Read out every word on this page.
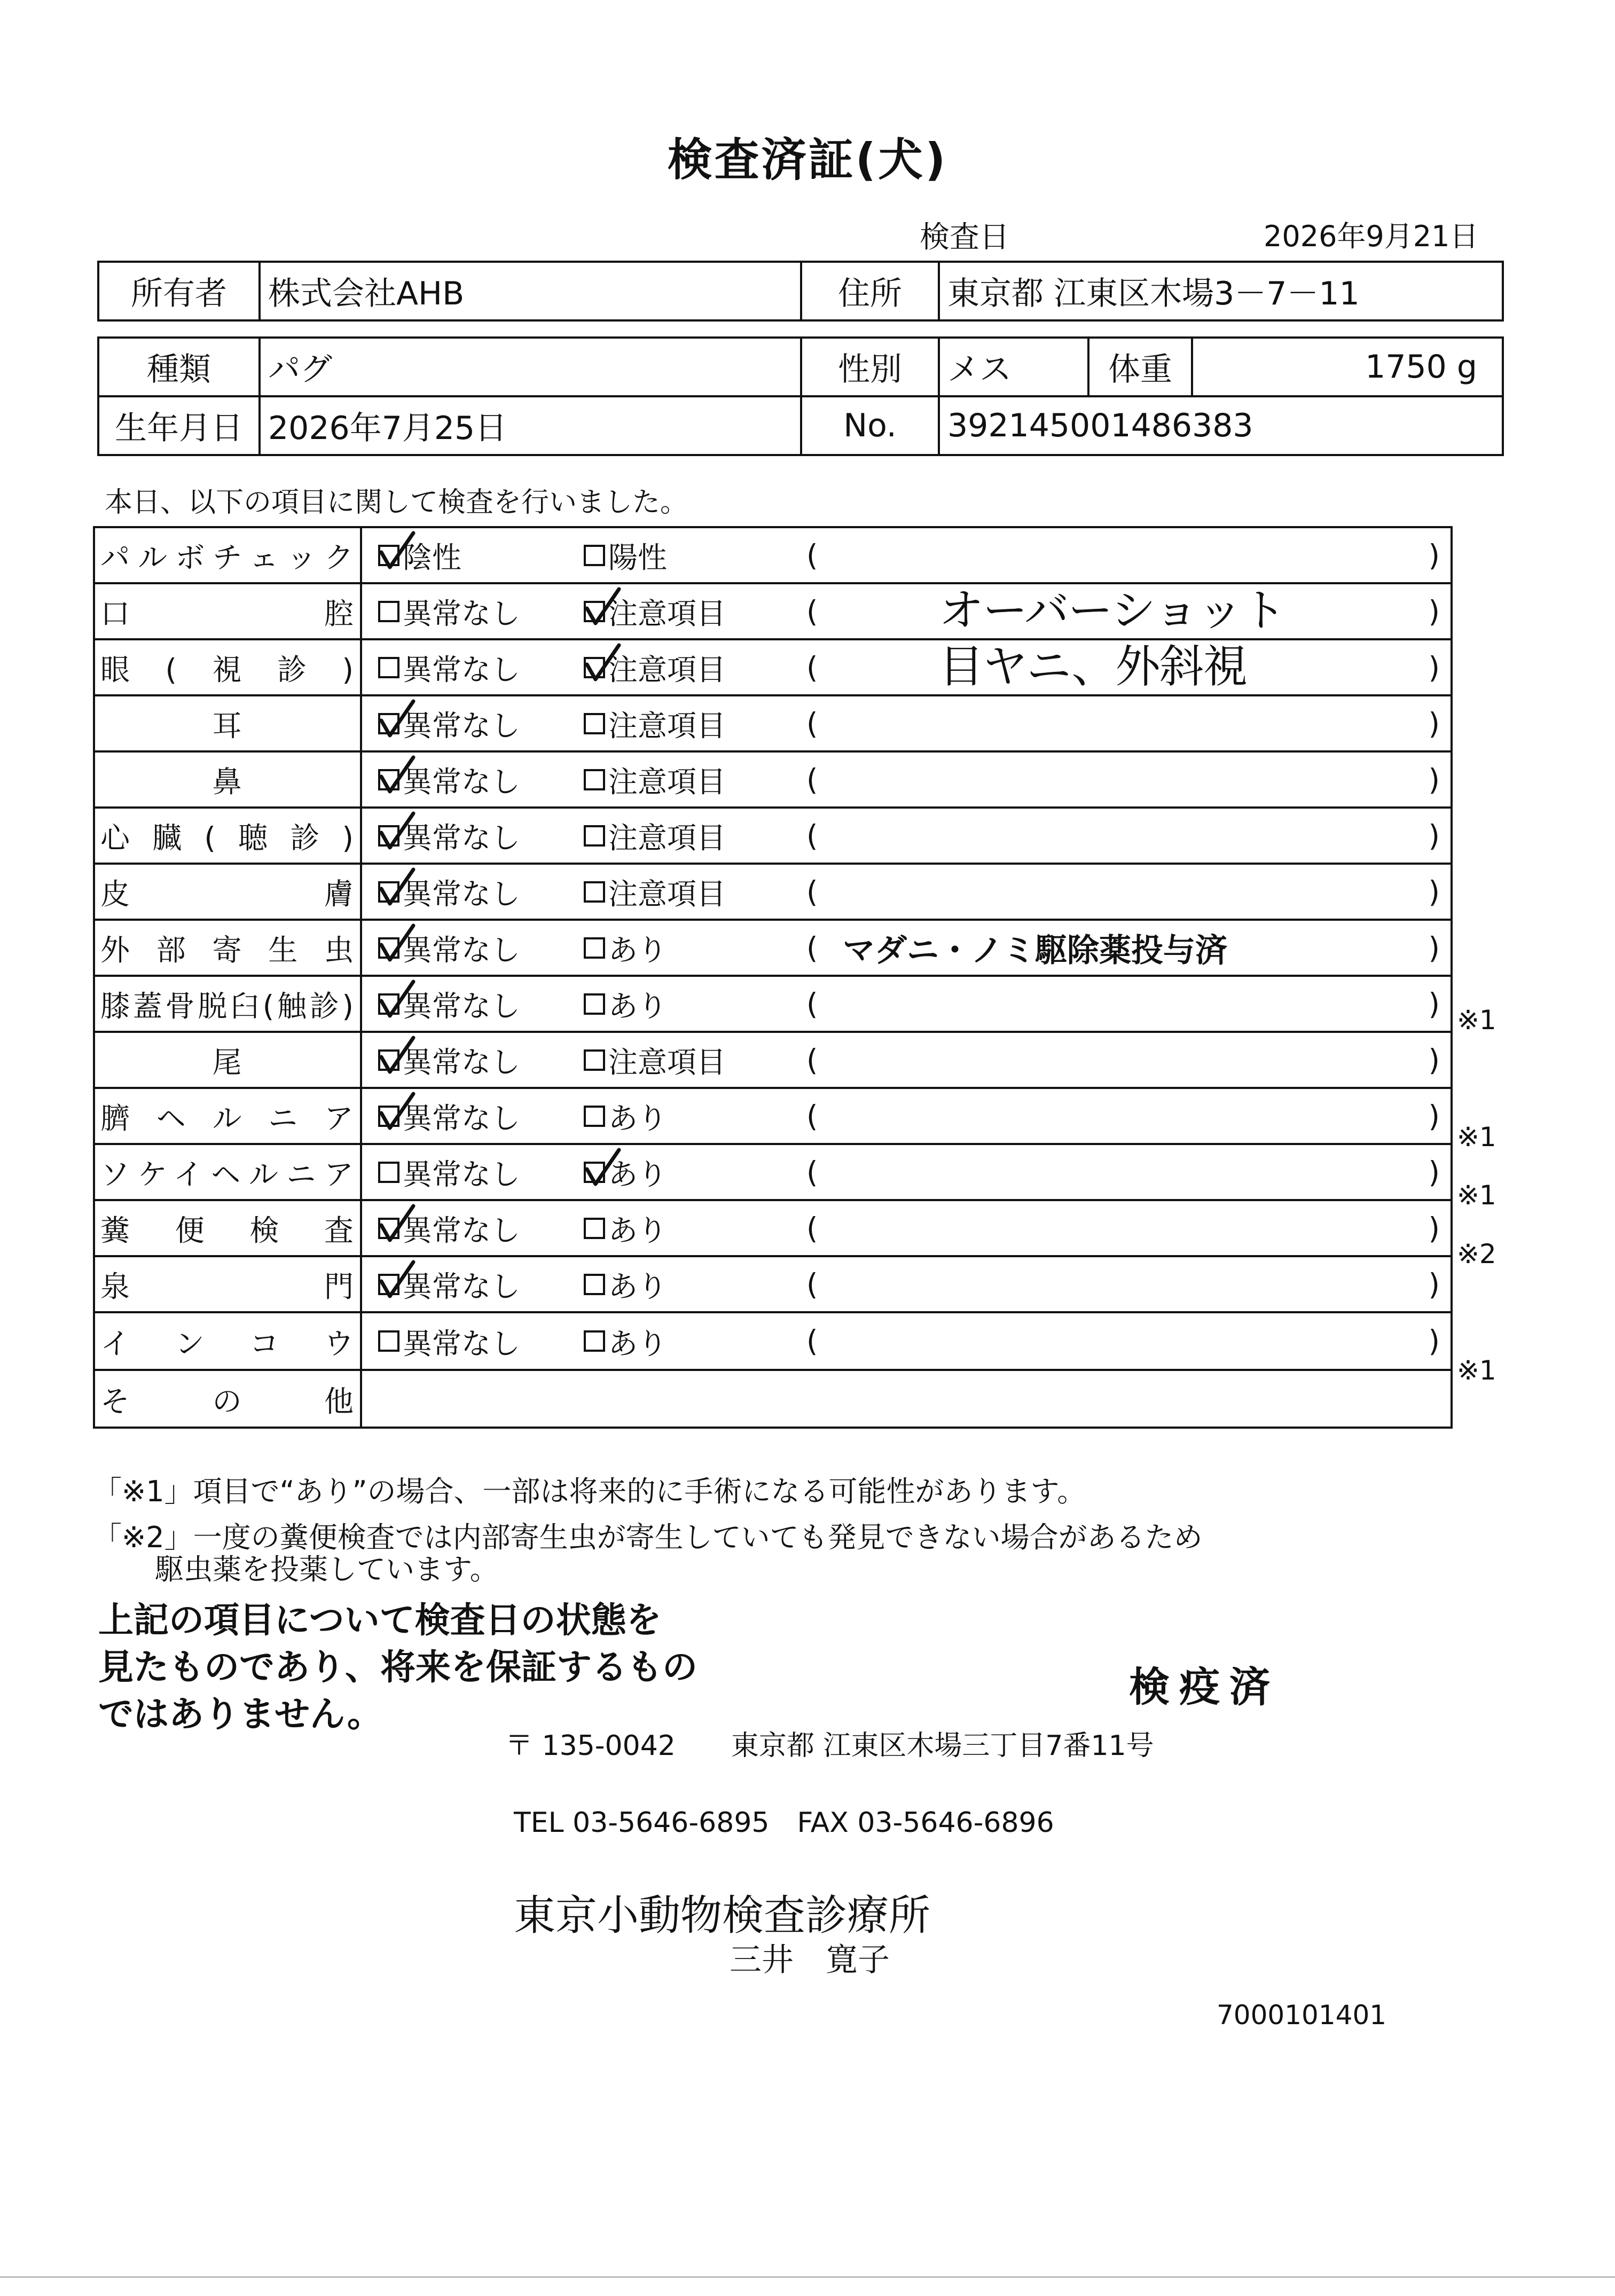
検査済証(犬)
検査日	2026年9月21日
所有者	株式会社AHB	住所	東京都 江東区木場3－7－11
種類	パグ	性別	メス	体重	1750 g
生年月日	2026年7月25日	No.	392145001486383		
本日、以下の項目に関して検査を行いました。
パルボチェック	陰性 陽性 ( )

口腔	異常なし 注意項目 ( オーバーショット )

眼(視診)	異常なし 注意項目 ( 目ヤニ、外斜視 )

耳	異常なし 注意項目 ( )

鼻	異常なし 注意項目 ( )

心臓(聴診)	異常なし 注意項目 ( )

皮膚	異常なし 注意項目 ( )

外部寄生虫	異常なし あり ( マダニ・ノミ駆除薬投与済 )

膝蓋骨脱臼(触診)	異常なし あり ( )

尾	異常なし 注意項目 ( )

臍ヘルニア	異常なし あり ( )

ソケイヘルニア	異常なし あり ( )

糞便検査	異常なし あり ( )

泉門	異常なし あり ( )

インコウ	異常なし あり ( )

その他	
※1
※1
※1
※2
※1
「※1」項目で“あり”の場合、一部は将来的に手術になる可能性があります。
「※2」一度の糞便検査では内部寄生虫が寄生していても発見できない場合があるため
駆虫薬を投薬しています。
上記の項目について検査日の状態を
見たものであり、将来を保証するもの
ではありません。
検疫済
〒 135-0042　　東京都 江東区木場三丁目7番11号
TEL 03-5646-6895　FAX 03-5646-6896
東京小動物検査診療所
三井　寛子
7000101401
